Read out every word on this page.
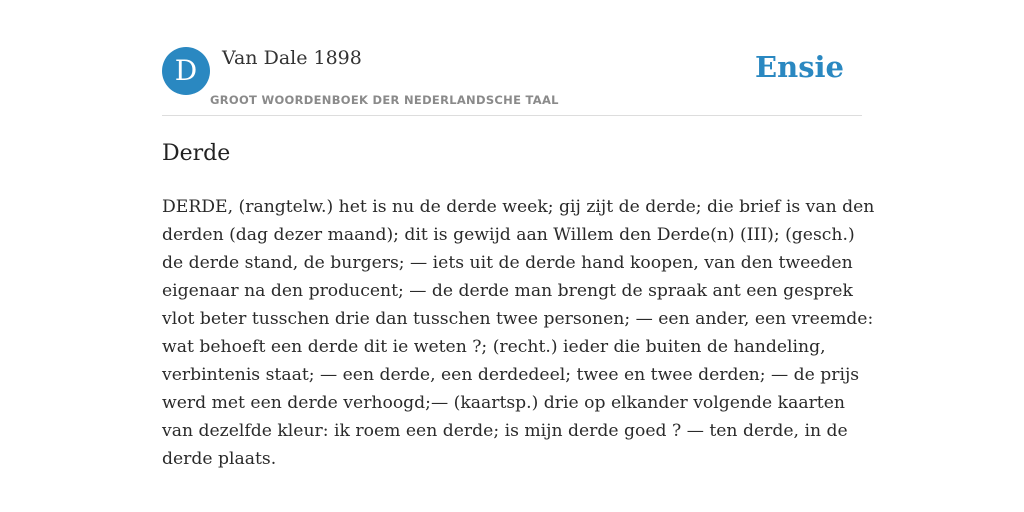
D	Van Dale 1898
GROOT WOORDENBOEK DER NEDERLANDSCHE TAAL
Ensie
Derde

DERDE, (rangtelw.) het is nu de derde week; gij zijt de derde; die brief is van den
derden (dag dezer maand); dit is gewijd aan Willem den Derde(n) (III); (gesch.)
de derde stand, de burgers; — iets uit de derde hand koopen, van den tweeden
eigenaar na den producent; — de derde man brengt de spraak ant een gesprek
vlot beter tusschen drie dan tusschen twee personen; — een ander, een vreemde:
wat behoeft een derde dit ie weten ?; (recht.) ieder die buiten de handeling,
verbintenis staat; — een derde, een derdedeel; twee en twee derden; — de prijs
werd met een derde verhoogd;— (kaartsp.) drie op elkander volgende kaarten
van dezelfde kleur: ik roem een derde; is mijn derde goed ? — ten derde, in de
derde plaats.
